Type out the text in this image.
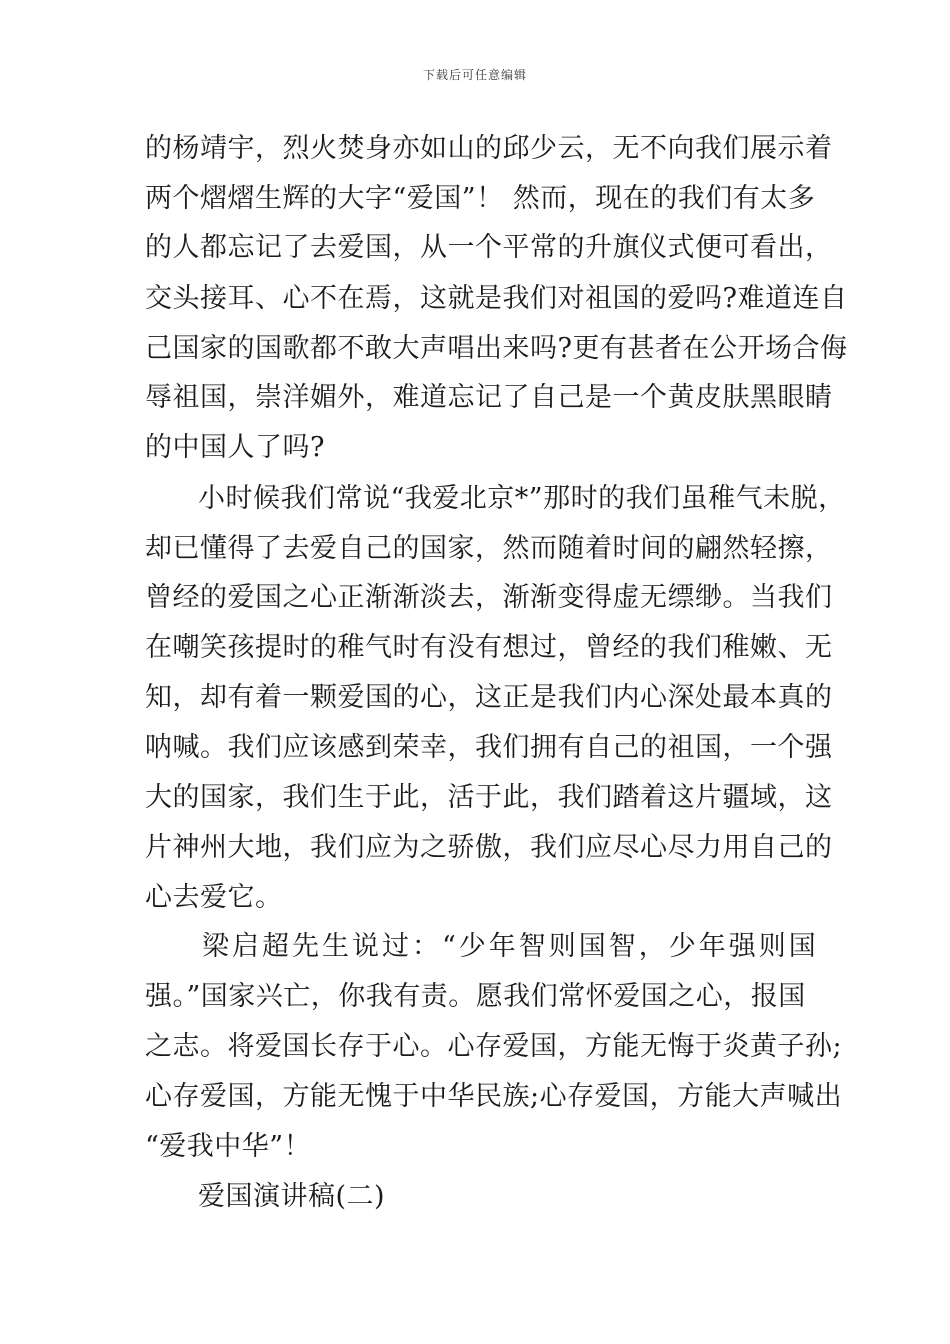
下载后可任意编辑
的杨靖宇，烈火焚身亦如山的邱少云，无不向我们展示着
两个熠熠生辉的大字“爱国”！ 然而，现在的我们有太多
的人都忘记了去爱国，从一个平常的升旗仪式便可看出，
交头接耳、心不在焉，这就是我们对祖国的爱吗?难道连自
己国家的国歌都不敢大声唱出来吗?更有甚者在公开场合侮
辱祖国，崇洋媚外，难道忘记了自己是一个黄皮肤黑眼睛
的中国人了吗?
小时候我们常说“我爱北京*”那时的我们虽稚气未脱，
却已懂得了去爱自己的国家，然而随着时间的翩然轻擦，
曾经的爱国之心正渐渐淡去，渐渐变得虚无缥缈。当我们
在嘲笑孩提时的稚气时有没有想过，曾经的我们稚嫩、无
知，却有着一颗爱国的心，这正是我们内心深处最本真的
呐喊。我们应该感到荣幸，我们拥有自己的祖国，一个强
大的国家，我们生于此，活于此，我们踏着这片疆域，这
片神州大地，我们应为之骄傲，我们应尽心尽力用自己的
心去爱它。
梁启超先生说过：“少年智则国智，少年强则国
强。”国家兴亡，你我有责。愿我们常怀爱国之心，报国
之志。将爱国长存于心。心存爱国，方能无悔于炎黄子孙;
心存爱国，方能无愧于中华民族;心存爱国，方能大声喊出
“爱我中华”！
爱国演讲稿(二)
